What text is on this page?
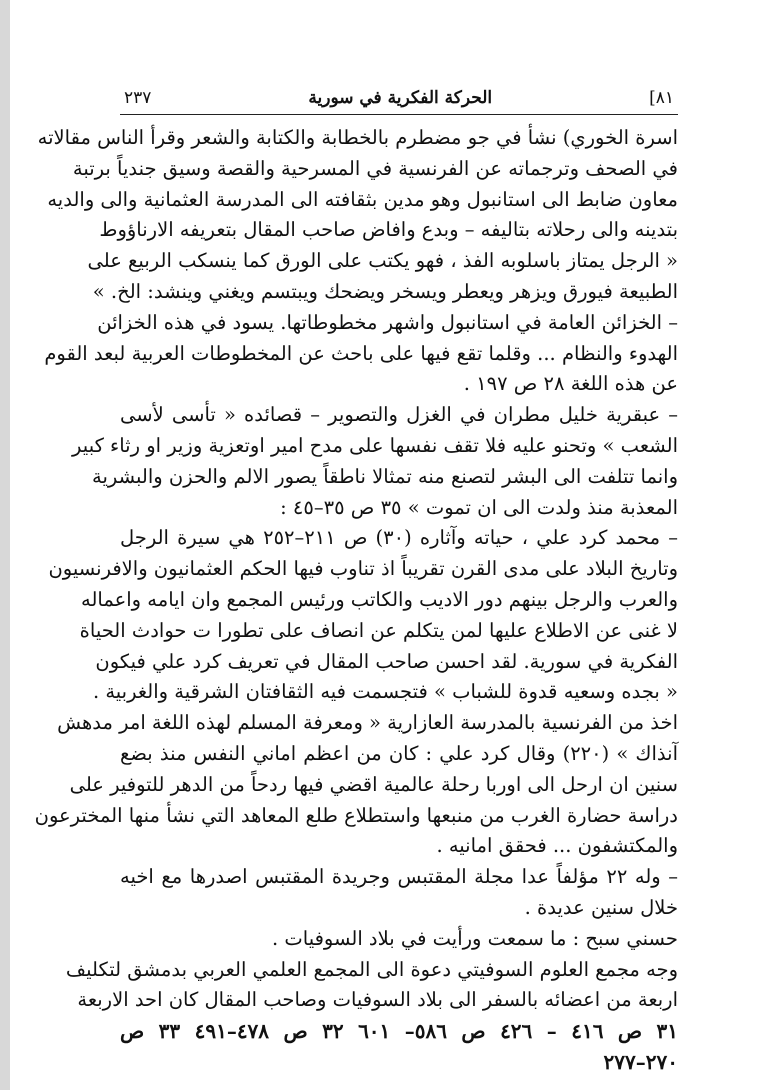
٨١]
الحركة الفكرية في سورية
٢٣٧
اسرة الخوري) نشأ في جو مضطرم بالخطابة والكتابة والشعر وقرأ الناس مقالاته
في الصحف وترجماته عن الفرنسية في المسرحية والقصة وسيق جندياً برتبة
معاون ضابط الى استانبول وهو مدين بثقافته الى المدرسة العثمانية والى والديه
بتدينه والى رحلاته بتاليفه – وبدع وافاض صاحب المقال بتعريفه الارناؤوط
« الرجل يمتاز باسلوبه الفذ ، فهو يكتب على الورق كما ينسكب الربيع على
الطبيعة فيورق ويزهر ويعطر ويسخر ويضحك ويبتسم ويغني وينشد: الخ. »
– الخزائن العامة في استانبول واشهر مخطوطاتها. يسود في هذه الخزائن
الهدوء والنظام ... وقلما تقع فيها على باحث عن المخطوطات العربية لبعد القوم
عن هذه اللغة ٢٨ ص ١٩٧ .
– عبقرية خليل مطران في الغزل والتصوير – قصائده « تأسى لأسى
الشعب » وتحنو عليه فلا تقف نفسها على مدح امير اوتعزية وزير او رثاء كبير
وانما تتلفت الى البشر لتصنع منه تمثالا ناطقاً يصور الالم والحزن والبشرية
المعذبة منذ ولدت الى ان تموت » ٣٥ ص ٣٥–٤٥ :
– محمد كرد علي ، حياته وآثاره (٣٠) ص ٢١١–٢٥٢ هي سيرة الرجل
وتاريخ البلاد على مدى القرن تقريباً اذ تناوب فيها الحكم العثمانيون والافرنسيون
والعرب والرجل بينهم دور الاديب والكاتب ورئيس المجمع وان ايامه واعماله
لا غنى عن الاطلاع عليها لمن يتكلم عن انصاف على تطورا ت حوادث الحياة
الفكرية في سورية. لقد احسن صاحب المقال في تعريف كرد علي فيكون
« بجده وسعيه قدوة للشباب » فتجسمت فيه الثقافتان الشرقية والغربية .
اخذ من الفرنسية بالمدرسة العازارية « ومعرفة المسلم لهذه اللغة امر مدهش
آنذاك » (٢٢٠) وقال كرد علي : كان من اعظم اماني النفس منذ بضع
سنين ان ارحل الى اوربا رحلة عالمية اقضي فيها ردحاً من الدهر للتوفير على
دراسة حضارة الغرب من منبعها واستطلاع طلع المعاهد التي نشأ منها المخترعون
والمكتشفون ... فحقق امانيه .
– وله ٢٢ مؤلفاً عدا مجلة المقتبس وجريدة المقتبس اصدرها مع اخيه
خلال سنين عديدة .
حسني سبح : ما سمعت ورأيت في بلاد السوفيات .
وجه مجمع العلوم السوفيتي دعوة الى المجمع العلمي العربي بدمشق لتكليف
اربعة من اعضائه بالسفر الى بلاد السوفيات وصاحب المقال كان احد الاربعة
٣١ ص ٤١٦ – ٤٢٦ ص ٥٨٦– ٦٠١ ٣٢ ص ٤٧٨–٤٩١ ٣٣ ص
٢٧٠–٢٧٧
